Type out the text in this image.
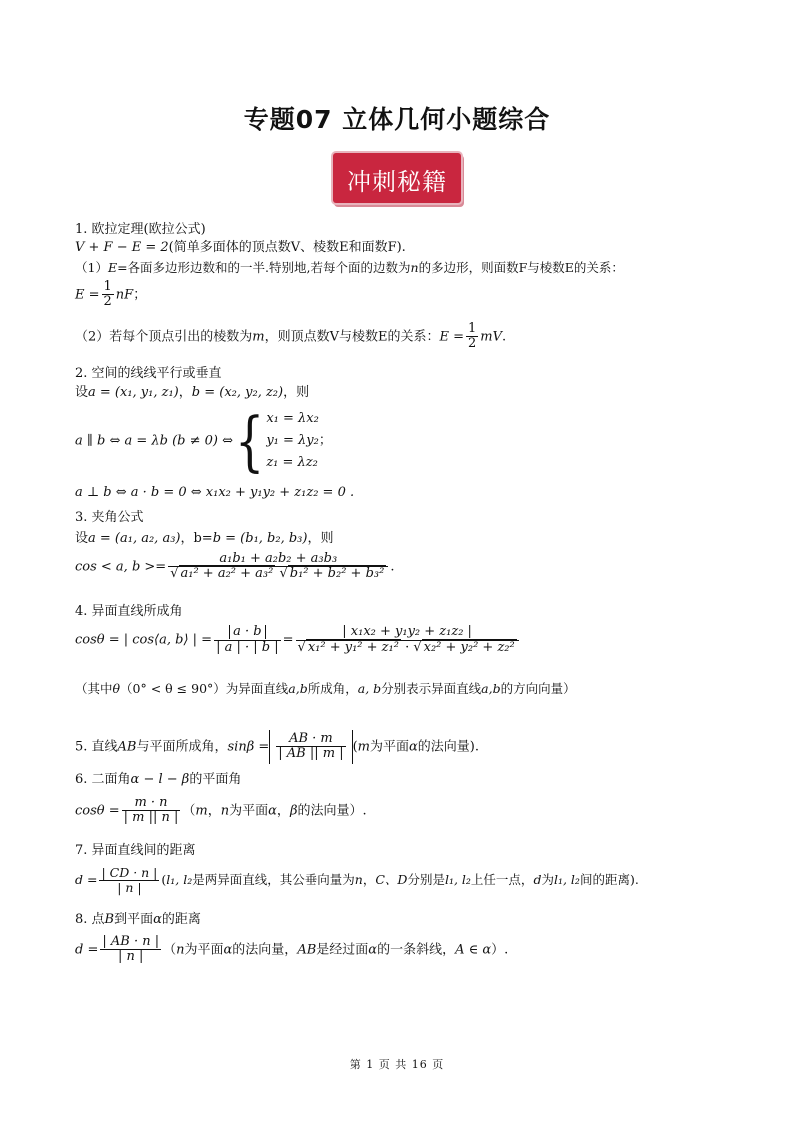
专题07 立体几何小题综合
冲刺秘籍
1. 欧拉定理(欧拉公式)
V + F − E = 2(简单多面体的顶点数V、棱数E和面数F).
（1）E=各面多边形边数和的一半.特别地,若每个面的边数为n的多边形，则面数F与棱数E的关系：
$E = \frac{1}{2}$ nF；
（2）若每个顶点引出的棱数为m，则顶点数V与棱数E的关系：$E = \frac{1}{2}$ mV.
2. 空间的线线平行或垂直
设a = (x₁, y₁, z₁)，b = (x₂, y₂, z₂)，则
a ∥ b ⇔ a = λb (b ≠ 0) ⇔{ x₁ = λx₂
y₁ = λy₂；
z₁ = λz₂
a ⊥ b ⇔ a · b = 0 ⇔ x₁x₂ + y₁y₂ + z₁z₂ = 0 .
3. 夹角公式
设a = (a₁, a₂, a₃)，b=b = (b₁, b₂, b₃)，则
cos < a, $b >= \frac{\text{a₁b₁ + a₂b₂ + a₃b₃}}{\text{√ a₁² + a₂² + a₃² √ b₁² + b₂² + b₃²}}$ .
4. 异面直线所成角
cosθ = | cos⟨a, b⟩ | = $\frac{a \cdot b}{| a | \cdot | b |} = \frac{\text{| x₁x₂ + y₁y₂ + z₁z₂ |}}{\text{√ x₁² + y₁² + z₁² · √ x₂² + y₂² + z₂²}}$
（其中θ（0° < θ ≤ 90°）为异面直线a,b所成角，a, b分别表示异面直线a,b的方向向量）
5. 直线AB与平面所成角，$\sin\beta = \frac{AB \cdot m}{| AB || m |} (m$为平面α的法向量).
6. 二面角α − l − β的平面角
$\cos\theta = \frac{m \cdot n}{| m || n |} (m$，n为平面α，β的法向量）.
7. 异面直线间的距离
$d = \frac{| CD \cdot n |}{| n |} (l_1$, l₂是两异面直线，其公垂向量为n，C、D分别是l₁, l₂上任一点，d为l₁, l₂间的距离).
8. 点B到平面α的距离
$d = \frac{| AB \cdot n |}{| n |} (n$为平面α的法向量，AB是经过面α的一条斜线，A ∈ α）.
第 1 页 共 16 页
